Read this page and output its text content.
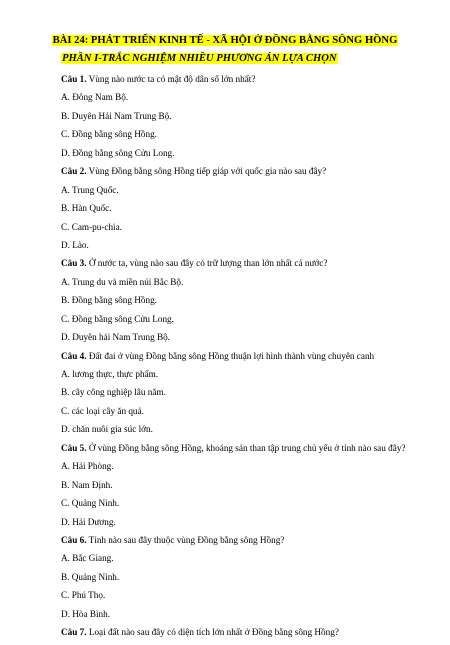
BÀI 24: PHÁT TRIỂN KINH TẾ - XÃ HỘI Ở ĐỒNG BẰNG SÔNG HỒNG
PHẦN I-TRẮC NGHIỆM NHIỀU PHƯƠNG ÁN LỰA CHỌN
Câu 1. Vùng nào nước ta có mật độ dân số lớn nhất?
A. Đông Nam Bộ.
B. Duyên Hải Nam Trung Bộ.
C. Đồng bằng sông Hồng.
D. Đồng bằng sông Cửu Long.
Câu 2. Vùng Đồng bằng sông Hồng tiếp giáp với quốc gia nào sau đây?
A. Trung Quốc.
B. Hàn Quốc.
C. Cam-pu-chia.
D. Lào.
Câu 3. Ở nước ta, vùng nào sau đây có trữ lượng than lớn nhất cả nước?
A. Trung du và miền núi Bắc Bộ.
B. Đồng bằng sông Hồng.
C. Đồng bằng sông Cửu Long.
D. Duyên hải Nam Trung Bộ.
Câu 4. Đất đai ở vùng Đồng bằng sông Hồng thuận lợi hình thành vùng chuyên canh
A. lương thực, thực phẩm.
B. cây công nghiệp lâu năm.
C. các loại cây ăn quả.
D. chăn nuôi gia súc lớn.
Câu 5. Ở vùng Đồng bằng sông Hồng, khoáng sản than tập trung chủ yếu ở tỉnh nào sau đây?
A. Hải Phòng.
B. Nam Định.
C. Quảng Ninh.
D. Hải Dương.
Câu 6. Tỉnh nào sau đây thuộc vùng Đồng bằng sông Hồng?
A. Bắc Giang.
B. Quảng Ninh.
C. Phú Thọ.
D. Hòa Bình.
Câu 7. Loại đất nào sau đây có diện tích lớn nhất ở Đồng bằng sông Hồng?
